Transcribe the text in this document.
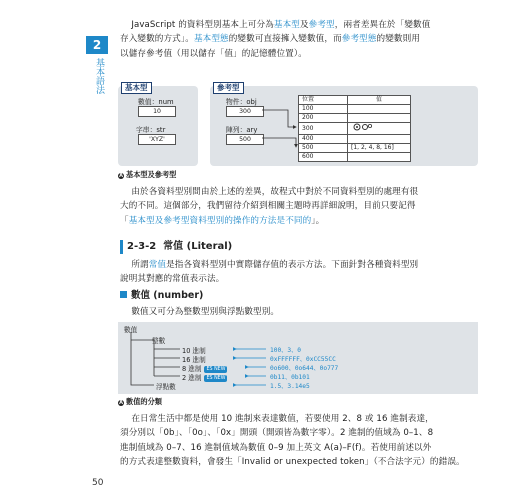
2
基本語法
50
JavaScript 的資料型別基本上可分為基本型及參考型，兩者差異在於「變數值
存入變數的方式」。基本型態的變數可直接擁入變數值，而參考型態的變數則用
以儲存參考值（用以儲存「值」的記憶體位置）。
基本型	參考型
數值：num
10
字串：str
'XYZ'
物件：obj
300
陣列：ary
500
位置	值
100	
200	
300	
400	
500	[1, 2, 4, 8, 16]
600	
A 基本型及參考型
由於各資料型別間由於上述的差異，故程式中對於不同資料型別的處理有很
大的不同。這個部分，我們留待介紹到相關主題時再詳細說明，目前只要記得
「基本型及參考型資料型別的操作的方法是不同的」。
2-3-2 常值 (Literal)
所謂常值是指各資料型別中實際儲存值的表示方法。下面針對各種資料型別
說明其對應的常值表示法。
數值 (number)
數值又可分為整數型別與浮點數型別。
數值
整數
10 進制
16 進制
8 進制 ES NEW
2 進制 ES NEW
浮點數
100、3、0
0xFFFFFF、0xCC55CC
0o600、0o644、0o777
0b11、0b101
1.5、3.14e5
A 數值的分類
在日常生活中都是使用 10 進制來表達數值，若要使用 2、8 或 16 進制表達，
須分別以「0b」、「0o」、「0x」開頭（開頭皆為數字零）。2 進制的值域為 0–1、8
進制值域為 0–7、16 進制值域為數值 0–9 加上英文 A(a)–F(f)。若使用前述以外
的方式表達整數資料，會發生「Invalid or unexpected token」（不合法字元）的錯誤。
